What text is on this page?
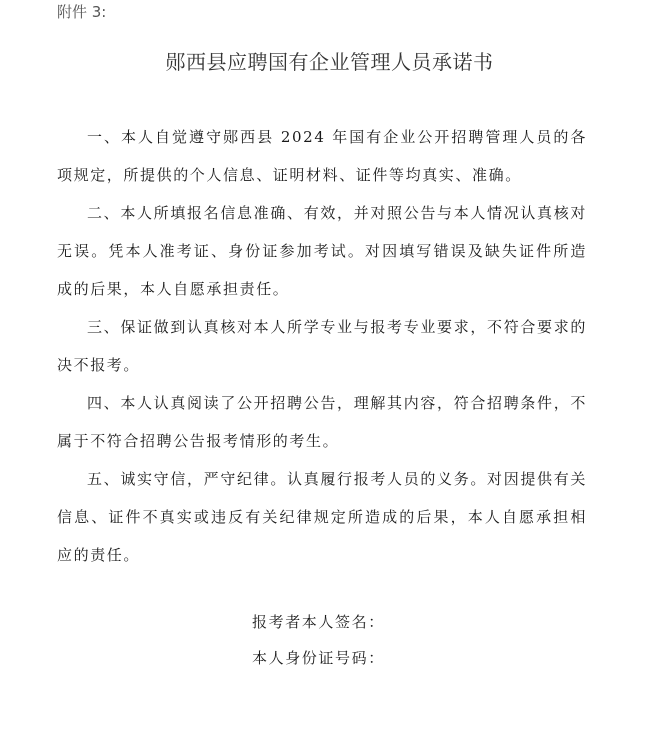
附件 3:
郧西县应聘国有企业管理人员承诺书

一、本人自觉遵守郧西县 2024 年国有企业公开招聘管理人员的各项规定，所提供的个人信息、证明材料、证件等均真实、准确。

二、本人所填报名信息准确、有效，并对照公告与本人情况认真核对无误。凭本人准考证、身份证参加考试。对因填写错误及缺失证件所造成的后果，本人自愿承担责任。

三、保证做到认真核对本人所学专业与报考专业要求，不符合要求的决不报考。

四、本人认真阅读了公开招聘公告，理解其内容，符合招聘条件，不属于不符合招聘公告报考情形的考生。

五、诚实守信，严守纪律。认真履行报考人员的义务。对因提供有关信息、证件不真实或违反有关纪律规定所造成的后果，本人自愿承担相应的责任。

报考者本人签名：
本人身份证号码：
